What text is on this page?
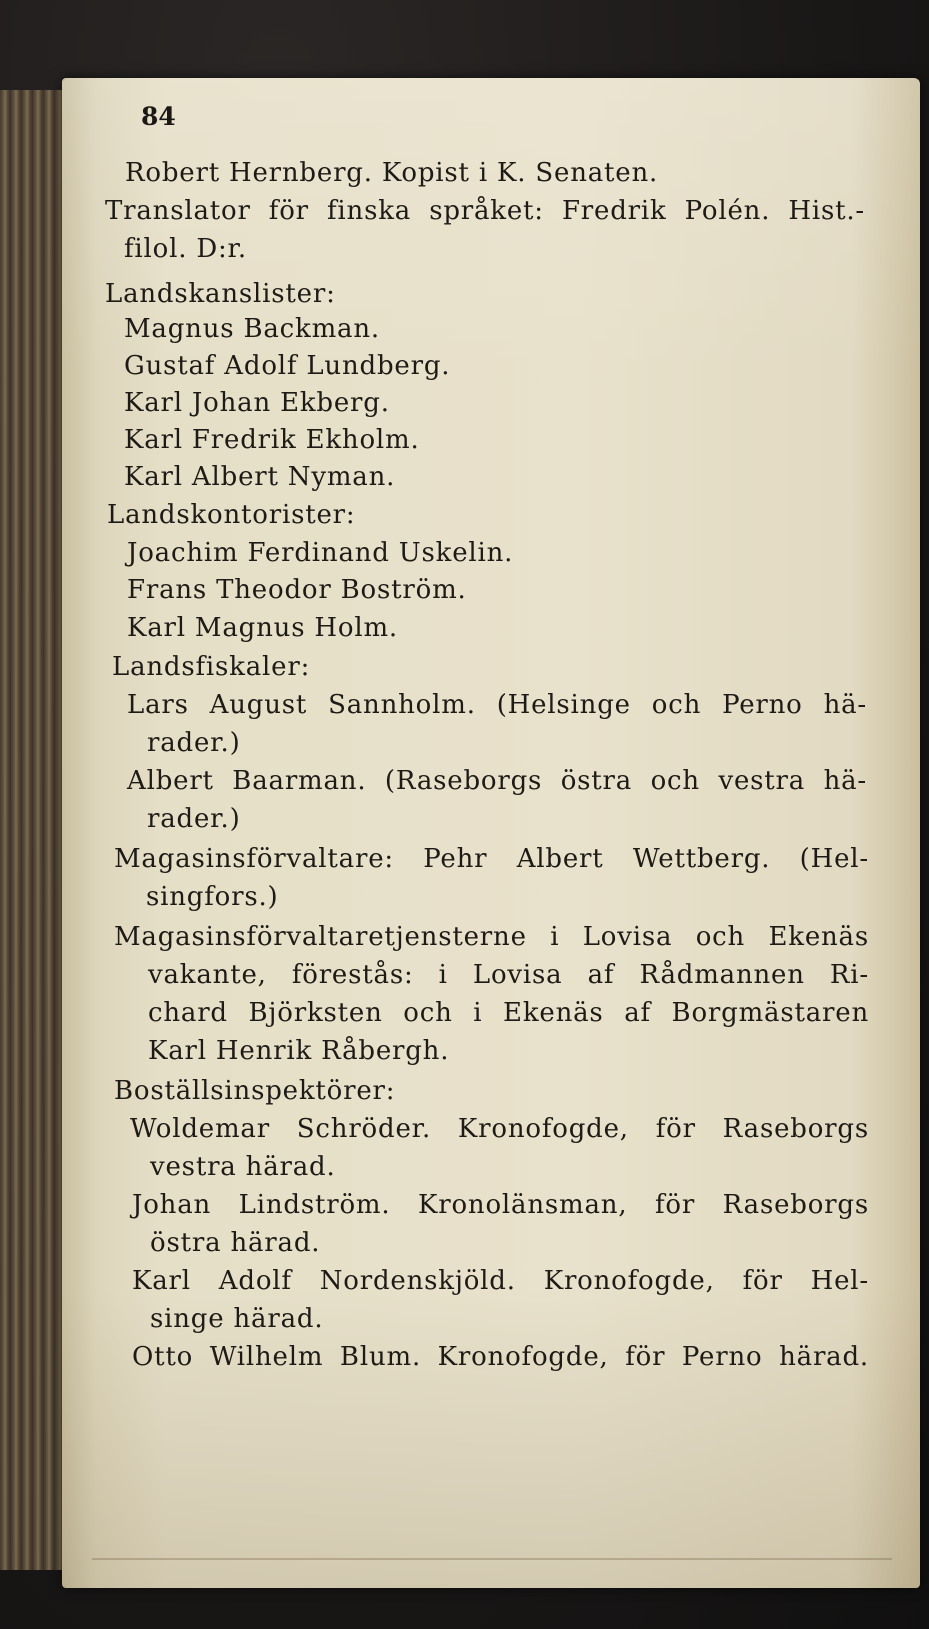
84
Robert Hernberg. Kopist i K. Senaten.
Translator för finska språket: Fredrik Polén. Hist.-
filol. D:r.
Landskanslister:
Magnus Backman.
Gustaf Adolf Lundberg.
Karl Johan Ekberg.
Karl Fredrik Ekholm.
Karl Albert Nyman.
Landskontorister:
Joachim Ferdinand Uskelin.
Frans Theodor Boström.
Karl Magnus Holm.
Landsfiskaler:
Lars August Sannholm. (Helsinge och Perno hä-
rader.)
Albert Baarman. (Raseborgs östra och vestra hä-
rader.)
Magasinsförvaltare: Pehr Albert Wettberg. (Hel-
singfors.)
Magasinsförvaltaretjensterne i Lovisa och Ekenäs
vakante, förestås: i Lovisa af Rådmannen Ri-
chard Björksten och i Ekenäs af Borgmästaren
Karl Henrik Råbergh.
Boställsinspektörer:
Woldemar Schröder. Kronofogde, för Raseborgs
vestra härad.
Johan Lindström. Kronolänsman, för Raseborgs
östra härad.
Karl Adolf Nordenskjöld. Kronofogde, för Hel-
singe härad.
Otto Wilhelm Blum. Kronofogde, för Perno härad.
